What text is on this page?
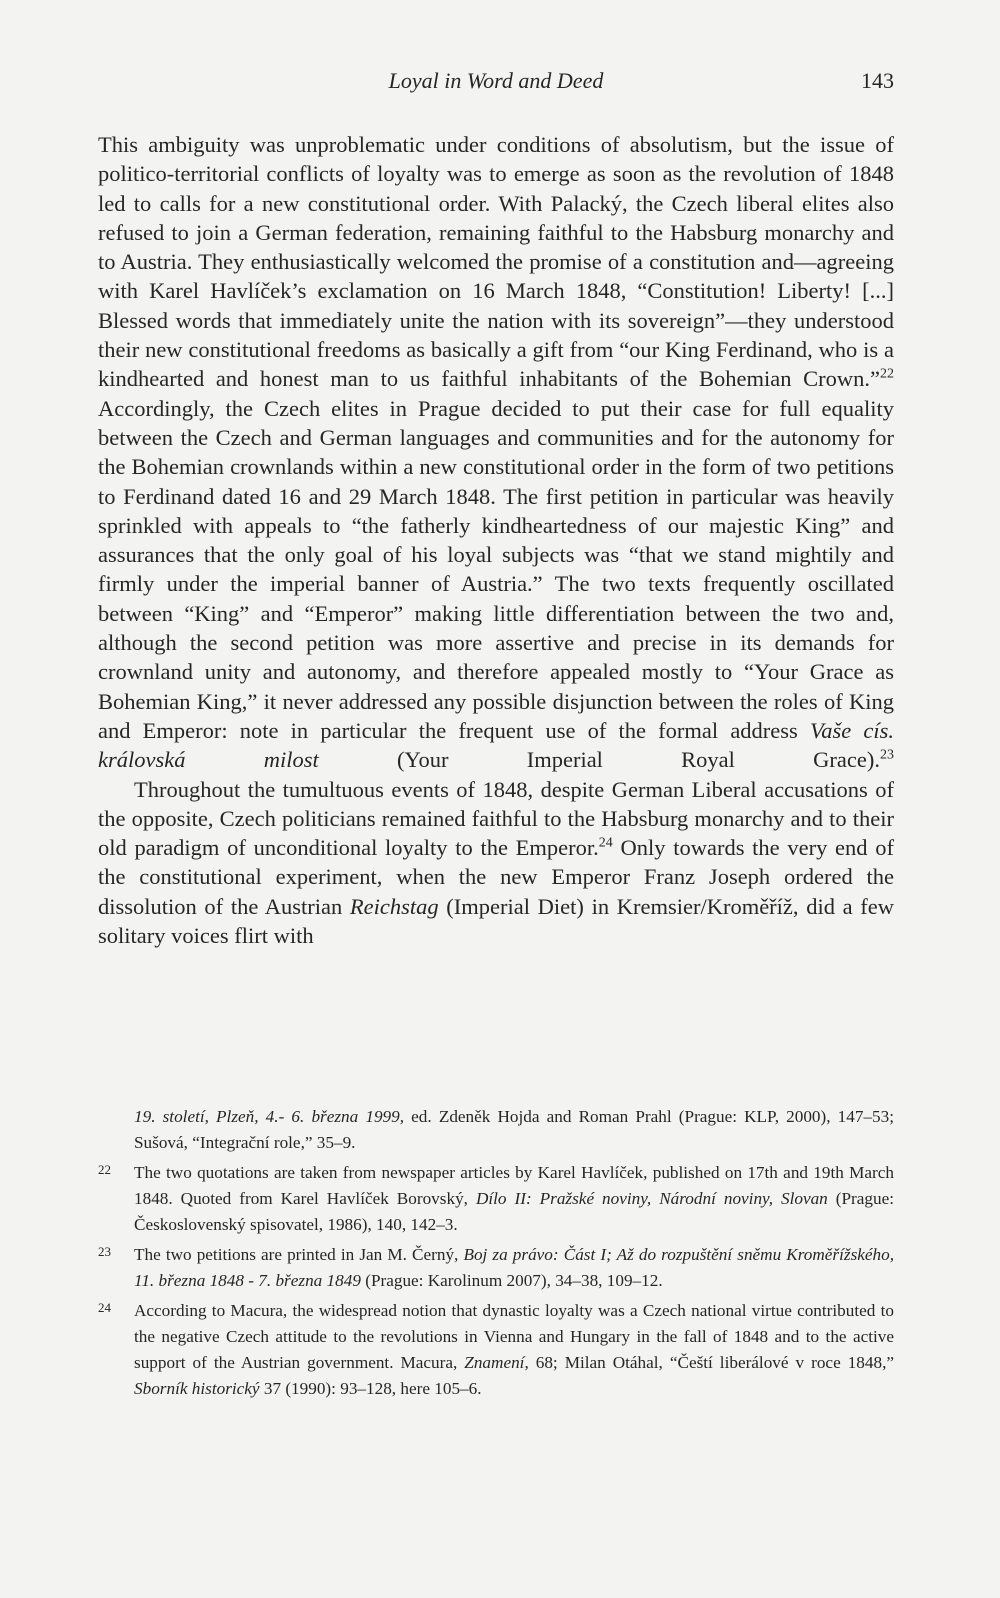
Loyal in Word and Deed	143

This ambiguity was unproblematic under conditions of absolutism, but the issue of politico-territorial conflicts of loyalty was to emerge as soon as the revolution of 1848 led to calls for a new constitutional order. With Palacký, the Czech liberal elites also refused to join a German federation, remaining faithful to the Habsburg monarchy and to Austria. They enthusiastically welcomed the promise of a constitution and—agreeing with Karel Havlíček’s exclamation on 16 March 1848, “Constitution! Liberty! [...] Blessed words that immediately unite the nation with its sovereign”—they understood their new constitutional freedoms as basically a gift from “our King Ferdinand, who is a kindhearted and honest man to us faithful inhabitants of the Bohemian Crown.”$^{22}$ Accordingly, the Czech elites in Prague decided to put their case for full equality between the Czech and German languages and communities and for the autonomy for the Bohemian crownlands within a new constitutional order in the form of two petitions to Ferdinand dated 16 and 29 March 1848. The first petition in particular was heavily sprinkled with appeals to “the fatherly kindheartedness of our majestic King” and assurances that the only goal of his loyal subjects was “that we stand mightily and firmly under the imperial banner of Austria.” The two texts frequently oscillated between “King” and “Emperor” making little differentiation between the two and, although the second petition was more assertive and precise in its demands for crownland unity and autonomy, and therefore appealed mostly to “Your Grace as Bohemian King,” it never addressed any possible disjunction between the roles of King and Emperor: note in particular the frequent use of the formal address Vaše cís. královská milost (Your Imperial Royal Grace).$^{23}$

Throughout the tumultuous events of 1848, despite German Liberal accusations of the opposite, Czech politicians remained faithful to the Habsburg monarchy and to their old paradigm of unconditional loyalty to the Emperor.$^{24}$ Only towards the very end of the constitutional experiment, when the new Emperor Franz Joseph ordered the dissolution of the Austrian Reichstag (Imperial Diet) in Kremsier/Kroměříž, did a few solitary voices flirt with

19. století, Plzeň, 4.- 6. března 1999, ed. Zdeněk Hojda and Roman Prahl (Prague: KLP, 2000), 147–53; Sušová, “Integrační role,” 35–9.
22 The two quotations are taken from newspaper articles by Karel Havlíček, published on 17th and 19th March 1848. Quoted from Karel Havlíček Borovský, Dílo II: Pražské noviny, Národní noviny, Slovan (Prague: Československý spisovatel, 1986), 140, 142–3.
23 The two petitions are printed in Jan M. Černý, Boj za právo: Část I; Až do rozpuštění sněmu Kroměřížského, 11. března 1848 - 7. března 1849 (Prague: Karolinum 2007), 34–38, 109–12.
24 According to Macura, the widespread notion that dynastic loyalty was a Czech national virtue contributed to the negative Czech attitude to the revolutions in Vienna and Hungary in the fall of 1848 and to the active support of the Austrian government. Macura, Znamení, 68; Milan Otáhal, “Čeští liberálové v roce 1848,” Sborník historický 37 (1990): 93–128, here 105–6.
